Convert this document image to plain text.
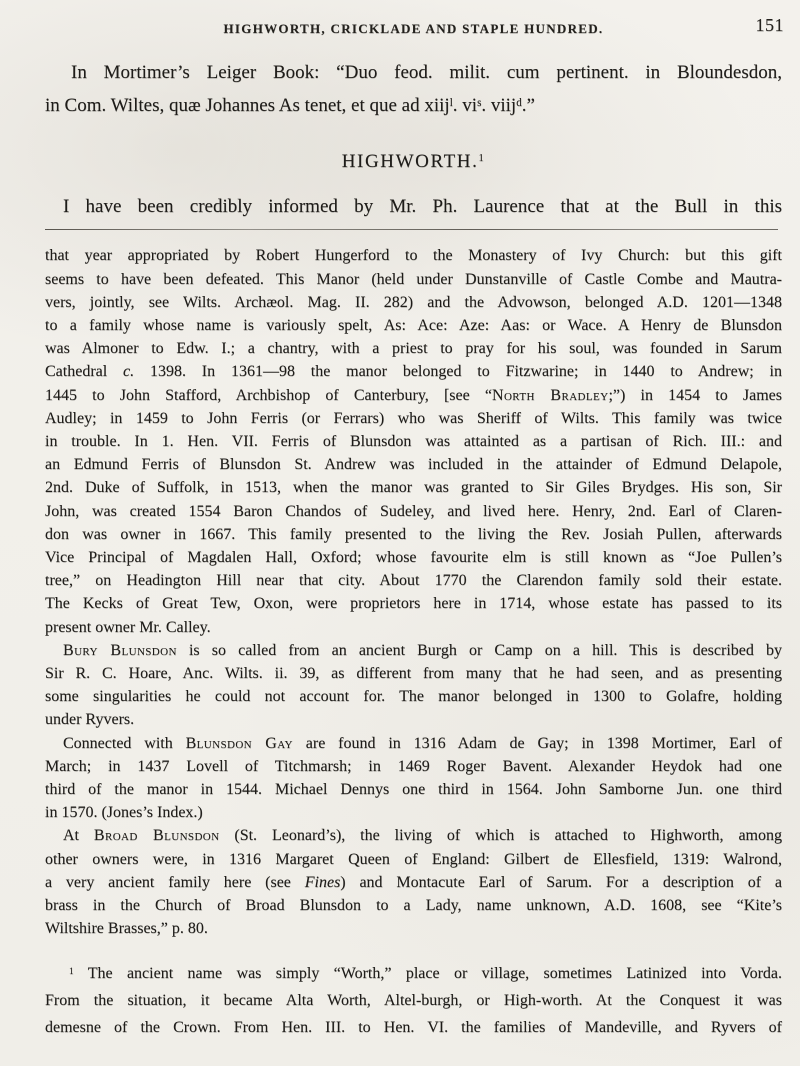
HIGHWORTH, CRICKLADE AND STAPLE HUNDRED.	151
In Mortimer’s Leiger Book: “Duo feod. milit. cum pertinent. in Bloundesdon,
in Com. Wiltes, quæ Johannes As tenet, et que ad xiij$^l$. $vi^s$. viij$^d$.”
HIGHWORTH.$^1$
I have been credibly informed by Mr. Ph. Laurence that at the Bull in this
that year appropriated by Robert Hungerford to the Monastery of Ivy Church: but this gift
seems to have been defeated. This Manor (held under Dunstanville of Castle Combe and Mautra-
vers, jointly, see Wilts. Archæol. Mag. II. 282) and the Advowson, belonged A.D. 1201—1348
to a family whose name is variously spelt, As: Ace: Aze: Aas: or Wace. A Henry de Blunsdon
was Almoner to Edw. I.; a chantry, with a priest to pray for his soul, was founded in Sarum
Cathedral c. 1398. In 1361—98 the manor belonged to Fitzwarine; in 1440 to Andrew; in
1445 to John Stafford, Archbishop of Canterbury, [see “North Bradley;”) in 1454 to James
Audley; in 1459 to John Ferris (or Ferrars) who was Sheriff of Wilts. This family was twice
in trouble. In 1. Hen. VII. Ferris of Blunsdon was attainted as a partisan of Rich. III.: and
an Edmund Ferris of Blunsdon St. Andrew was included in the attainder of Edmund Delapole,
2nd. Duke of Suffolk, in 1513, when the manor was granted to Sir Giles Brydges. His son, Sir
John, was created 1554 Baron Chandos of Sudeley, and lived here. Henry, 2nd. Earl of Claren-
don was owner in 1667. This family presented to the living the Rev. Josiah Pullen, afterwards
Vice Principal of Magdalen Hall, Oxford; whose favourite elm is still known as “Joe Pullen’s
tree,” on Headington Hill near that city. About 1770 the Clarendon family sold their estate.
The Kecks of Great Tew, Oxon, were proprietors here in 1714, whose estate has passed to its
present owner Mr. Calley.
Bury Blunsdon is so called from an ancient Burgh or Camp on a hill. This is described by
Sir R. C. Hoare, Anc. Wilts. ii. 39, as different from many that he had seen, and as presenting
some singularities he could not account for. The manor belonged in 1300 to Golafre, holding
under Ryvers.
Connected with Blunsdon Gay are found in 1316 Adam de Gay; in 1398 Mortimer, Earl of
March; in 1437 Lovell of Titchmarsh; in 1469 Roger Bavent. Alexander Heydok had one
third of the manor in 1544. Michael Dennys one third in 1564. John Samborne Jun. one third
in 1570. (Jones’s Index.)
At Broad Blunsdon (St. Leonard’s), the living of which is attached to Highworth, among
other owners were, in 1316 Margaret Queen of England: Gilbert de Ellesfield, 1319: Walrond,
a very ancient family here (see Fines) and Montacute Earl of Sarum. For a description of a
brass in the Church of Broad Blunsdon to a Lady, name unknown, A.D. 1608, see “Kite’s
Wiltshire Brasses,” p. 80.
$^1$ The ancient name was simply “Worth,” place or village, sometimes Latinized into Vorda.
From the situation, it became Alta Worth, Altel-burgh, or High-worth. At the Conquest it was
demesne of the Crown. From Hen. III. to Hen. VI. the families of Mandeville, and Ryvers of
